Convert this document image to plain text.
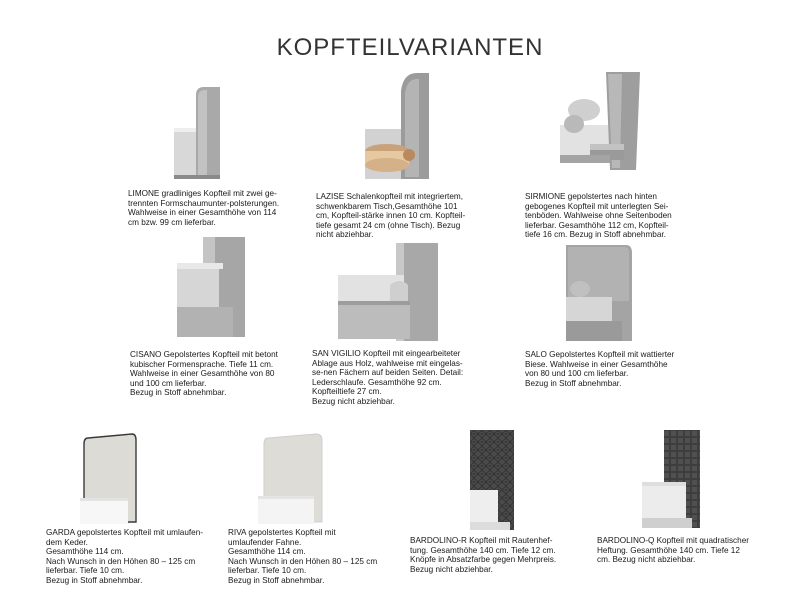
KOPFTEILVARIANTEN
LIMONE gradliniges Kopfteil mit zwei ge-
trennten Formschaumunter-polsterungen.
Wahlweise in einer Gesamthöhe von 114
cm bzw. 99 cm lieferbar.
LAZISE Schalenkopfteil mit integriertem,
schwenkbarem Tisch,Gesamthöhe 101
cm, Kopfteil-stärke innen 10 cm. Kopfteil-
tiefe gesamt 24 cm (ohne Tisch). Bezug
nicht abziehbar.
SIRMIONE gepolstertes nach hinten
gebogenes Kopfteil mit unterlegten Sei-
tenböden. Wahlweise ohne Seitenboden
lieferbar. Gesamthöhe 112 cm, Kopfteil-
tiefe 16 cm. Bezug in Stoff abnehmbar.
CISANO Gepolstertes Kopfteil mit betont
kubischer Formensprache. Tiefe 11 cm.
Wahlweise in einer Gesamthöhe von 80
und 100 cm lieferbar.
Bezug in Stoff abnehmbar.
SAN VIGILIO Kopfteil mit eingearbeiteter
Ablage aus Holz, wahlweise mit eingelas-
se-nen Fächern auf beiden Seiten. Detail:
Lederschlaufe. Gesamthöhe 92 cm.
Kopfteiltiefe 27 cm.
Bezug nicht abziehbar.
SALO Gepolstertes Kopfteil mit wattierter
Biese. Wahlweise in einer Gesamthöhe
von 80 und 100 cm lieferbar.
Bezug in Stoff abnehmbar.
GARDA gepolstertes Kopfteil mit umlaufen-
dem Keder.
Gesamthöhe 114 cm.
Nach Wunsch in den Höhen 80 – 125 cm
lieferbar. Tiefe 10 cm.
Bezug in Stoff abnehmbar.
RIVA gepolstertes Kopfteil mit
umlaufender Fahne.
Gesamthöhe 114 cm.
Nach Wunsch in den Höhen 80 – 125 cm
lieferbar. Tiefe 10 cm.
Bezug in Stoff abnehmbar.
BARDOLINO-R Kopfteil mit Rautenhef-
tung. Gesamthöhe 140 cm. Tiefe 12 cm.
Knöpfe in Absatzfarbe gegen Mehrpreis.
Bezug nicht abziehbar.
BARDOLINO-Q Kopfteil mit quadratischer
Heftung. Gesamthöhe 140 cm. Tiefe 12
cm. Bezug nicht abziehbar.
